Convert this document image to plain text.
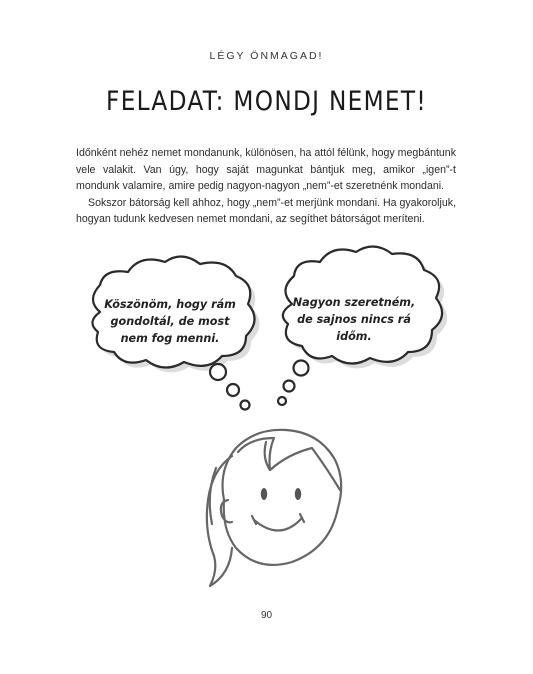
LÉGY ÖNMAGAD!
FELADAT: MONDJ NEMET!

Időnként nehéz nemet mondanunk, különösen, ha attól félünk, hogy megbántunk vele valakit. Van úgy, hogy saját magunkat bántjuk meg, amikor „igen”-t mondunk valamire, amire pedig nagyon-nagyon „nem”-et szeretnénk mondani.

Sokszor bátorság kell ahhoz, hogy „nem”-et merjünk mondani. Ha gyakoroljuk, hogyan tudunk kedvesen nemet mondani, az segíthet bátorságot meríteni.

Köszönöm, hogy rám gondoltál, de most nem fog menni.
Nagyon szeretném, de sajnos nincs rá időm.
90
